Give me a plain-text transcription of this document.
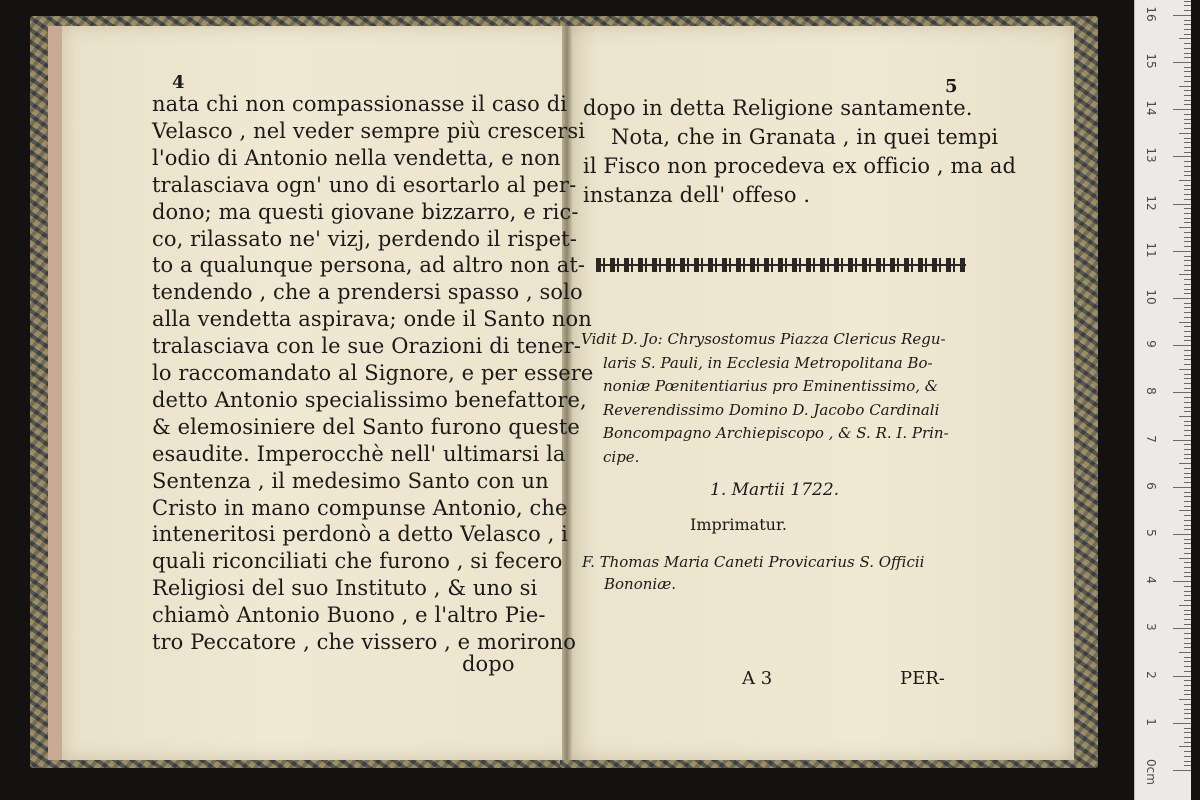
4
nata chi non compassionasse il caso di
Velasco , nel veder sempre più crescersi
l'odio di Antonio nella vendetta, e non
tralasciava ogn' uno di esortarlo al per-
dono; ma questi giovane bizzarro, e ric-
co, rilassato ne' vizj, perdendo il rispet-
to a qualunque persona, ad altro non at-
tendendo , che a prendersi spasso , solo
alla vendetta aspirava; onde il Santo non
tralasciava con le sue Orazioni di tener-
lo raccomandato al Signore, e per essere
detto Antonio specialissimo benefattore,
& elemosiniere del Santo furono queste
esaudite. Imperocchè nell' ultimarsi la
Sentenza , il medesimo Santo con un
Cristo in mano compunse Antonio, che
inteneritosi perdonò a detto Velasco , i
quali riconciliati che furono , si fecero
Religiosi del suo Instituto , & uno si
chiamò Antonio Buono , e l'altro Pie-
tro Peccatore , che vissero , e morirono
dopo
5
dopo in detta Religione santamente.
Nota, che in Granata , in quei tempi
il Fisco non procedeva ex officio , ma ad
instanza dell' offeso .
Vidit D. Jo: Chrysostomus Piazza Clericus Regu-
laris S. Pauli, in Ecclesia Metropolitana Bo-
noniæ Pœnitentiarius pro Eminentissimo, &
Reverendissimo Domino D. Jacobo Cardinali
Boncompagno Archiepiscopo , & S. R. I. Prin-
cipe.
1. Martii 1722.
Imprimatur.
F. Thomas Maria Caneti Provicarius S. Officii
Bononiæ.
A 3	PER-
0cm
1
2
3
4
5
6
7
8
9
10
11
12
13
14
15
16
